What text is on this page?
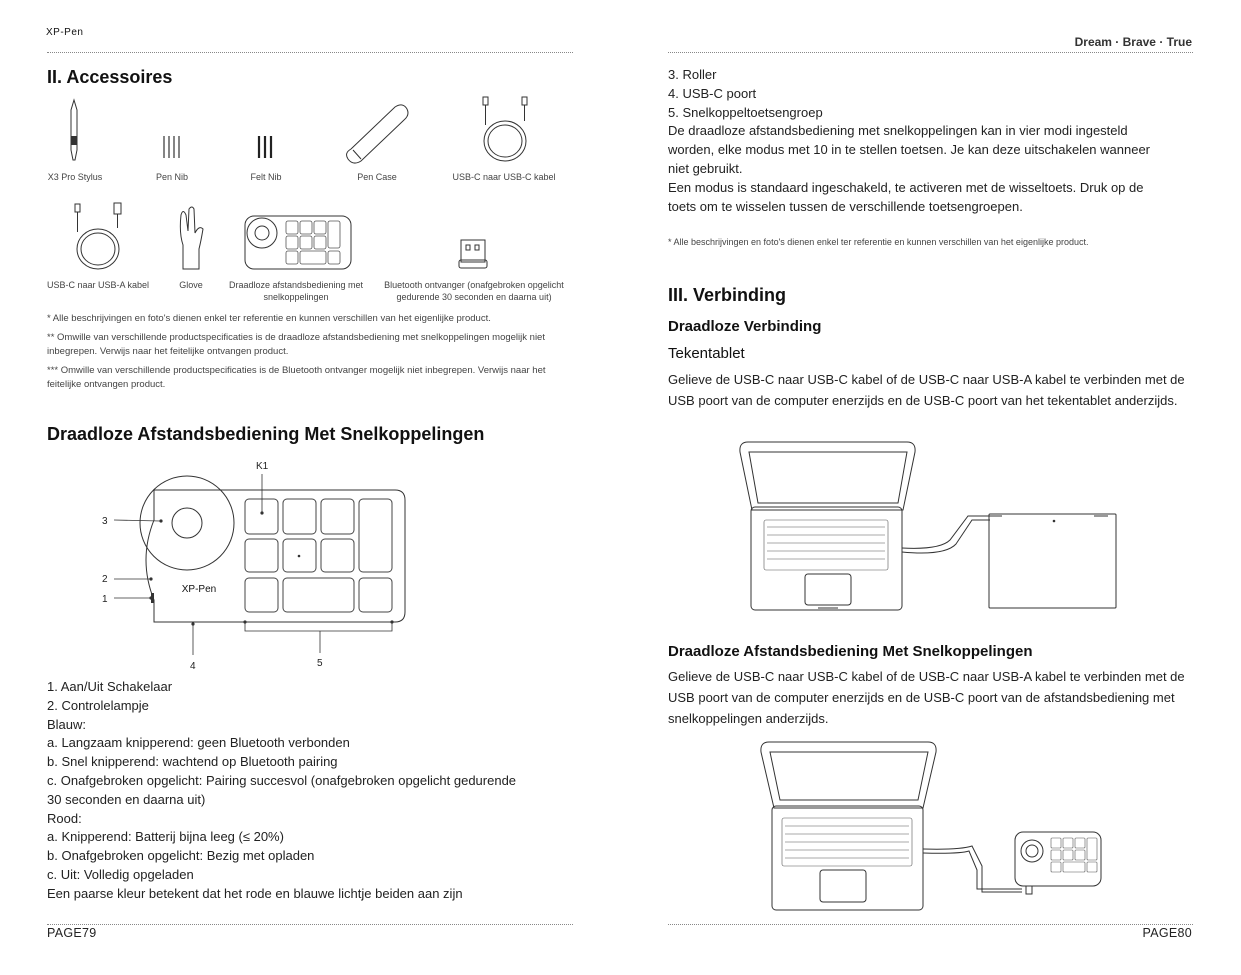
XP-Pen
II. Accessoires
X3 Pro Stylus	Pen Nib	Felt Nib	Pen Case	USB-C naar USB-C kabel
USB-C naar USB-A kabel	Glove	Draadloze afstandsbediening met snelkoppelingen
Bluetooth ontvanger (onafgebroken opgelicht gedurende 30 seconden en daarna uit)
* Alle beschrijvingen en foto's dienen enkel ter referentie en kunnen verschillen van het eigenlijke product.
** Omwille van verschillende productspecificaties is de draadloze afstandsbediening met snelkoppelingen mogelijk niet inbegrepen. Verwijs naar het feitelijke ontvangen product.
*** Omwille van verschillende productspecificaties is de Bluetooth ontvanger mogelijk niet inbegrepen. Verwijs naar het feitelijke ontvangen product.
Draadloze Afstandsbediening Met Snelkoppelingen
XP-Pen
K1
3
2
1
4	5
1. Aan/Uit Schakelaar
2. Controlelampje
Blauw:
a. Langzaam knipperend: geen Bluetooth verbonden
b. Snel knipperend: wachtend op Bluetooth pairing
c. Onafgebroken opgelicht: Pairing succesvol (onafgebroken opgelicht gedurende
30 seconden en daarna uit)
Rood:
a. Knipperend: Batterij bijna leeg (≤ 20%)
b. Onafgebroken opgelicht: Bezig met opladen
c. Uit: Volledig opgeladen
Een paarse kleur betekent dat het rode en blauwe lichtje beiden aan zijn
PAGE79
Dream · Brave · True
3. Roller
4. USB-C poort
5. Snelkoppeltoetsengroep
De draadloze afstandsbediening met snelkoppelingen kan in vier modi ingesteld
worden, elke modus met 10 in te stellen toetsen. Je kan deze uitschakelen wanneer
niet gebruikt.
Een modus is standaard ingeschakeld, te activeren met de wisseltoets. Druk op de
toets om te wisselen tussen de verschillende toetsengroepen.
* Alle beschrijvingen en foto's dienen enkel ter referentie en kunnen verschillen van het eigenlijke product.
III. Verbinding
Draadloze Verbinding
Tekentablet
Gelieve de USB-C naar USB-C kabel of de USB-C naar USB-A kabel te verbinden met de USB poort van de computer enerzijds en de USB-C poort van het tekentablet anderzijds.
Draadloze Afstandsbediening Met Snelkoppelingen
Gelieve de USB-C naar USB-C kabel of de USB-C naar USB-A kabel te verbinden met de USB poort van de computer enerzijds en de USB-C poort van de afstandsbediening met snelkoppelingen anderzijds.
PAGE80
